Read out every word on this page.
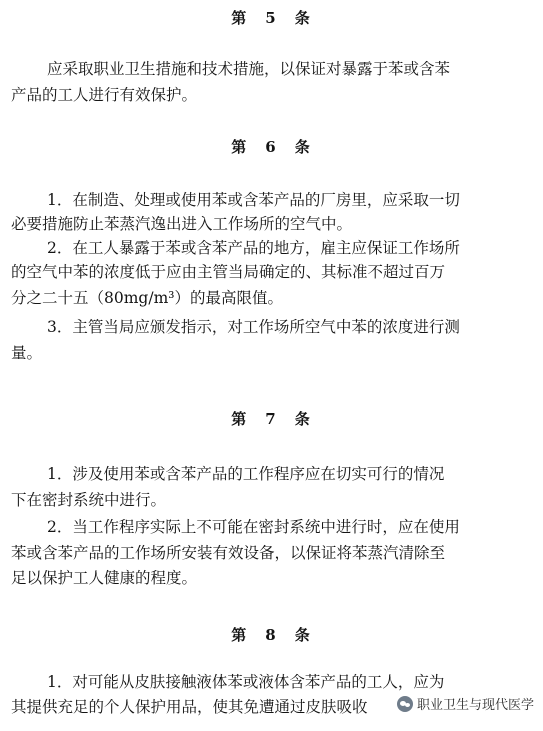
第　5　条
应采取职业卫生措施和技术措施，以保证对暴露于苯或含苯
产品的工人进行有效保护。
第　6　条
1．在制造、处理或使用苯或含苯产品的厂房里，应采取一切
必要措施防止苯蒸汽逸出进入工作场所的空气中。
2．在工人暴露于苯或含苯产品的地方，雇主应保证工作场所
的空气中苯的浓度低于应由主管当局确定的、其标准不超过百万
分之二十五（80mg/m³）的最高限值。
3．主管当局应颁发指示，对工作场所空气中苯的浓度进行测
量。
第　7　条
1．涉及使用苯或含苯产品的工作程序应在切实可行的情况
下在密封系统中进行。
2．当工作程序实际上不可能在密封系统中进行时，应在使用
苯或含苯产品的工作场所安装有效设备，以保证将苯蒸汽清除至
足以保护工人健康的程度。
第　8　条
1．对可能从皮肤接触液体苯或液体含苯产品的工人，应为
其提供充足的个人保护用品，使其免遭通过皮肤吸收	职业卫生与现代医学
